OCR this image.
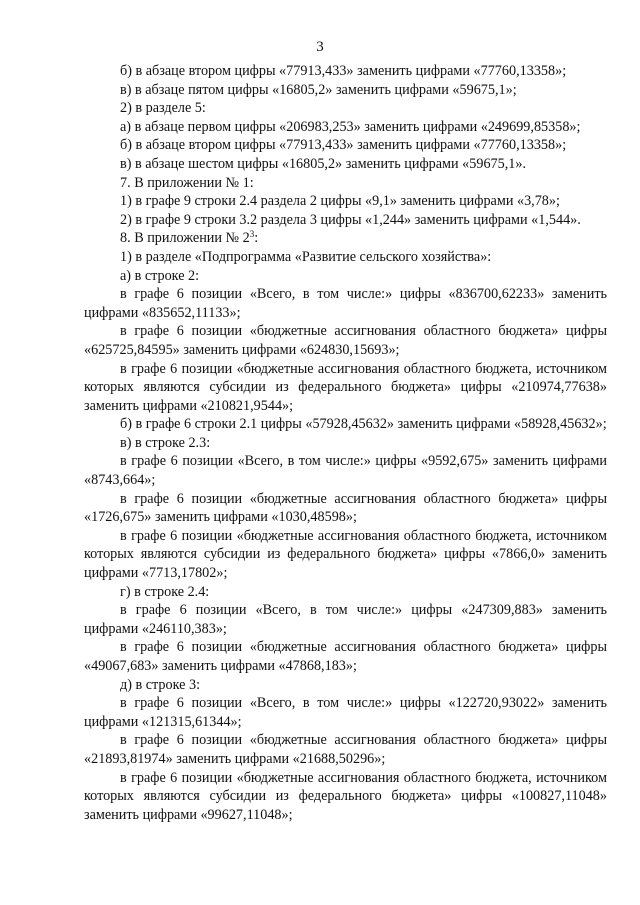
3

б) в абзаце втором цифры «77913,433» заменить цифрами «77760,13358»;

в) в абзаце пятом цифры «16805,2» заменить цифрами «59675,1»;

2) в разделе 5:

а) в абзаце первом цифры «206983,253» заменить цифрами «249699,85358»;

б) в абзаце втором цифры «77913,433» заменить цифрами «77760,13358»;

в) в абзаце шестом цифры «16805,2» заменить цифрами «59675,1».

7. В приложении № 1:

1) в графе 9 строки 2.4 раздела 2 цифры «9,1» заменить цифрами «3,78»;

2) в графе 9 строки 3.2 раздела 3 цифры «1,244» заменить цифрами «1,544».

8. В приложении № $2^3$:

1) в разделе «Подпрограмма «Развитие сельского хозяйства»:

а) в строке 2:

в графе 6 позиции «Всего, в том числе:» цифры «836700,62233» заменить цифрами «835652,11133»;

в графе 6 позиции «бюджетные ассигнования областного бюджета» цифры «625725,84595» заменить цифрами «624830,15693»;

в графе 6 позиции «бюджетные ассигнования областного бюджета, источником которых являются субсидии из федерального бюджета» цифры «210974,77638» заменить цифрами «210821,9544»;

б) в графе 6 строки 2.1 цифры «57928,45632» заменить цифрами «58928,45632»;

в) в строке 2.3:

в графе 6 позиции «Всего, в том числе:» цифры «9592,675» заменить цифрами «8743,664»;

в графе 6 позиции «бюджетные ассигнования областного бюджета» цифры «1726,675» заменить цифрами «1030,48598»;

в графе 6 позиции «бюджетные ассигнования областного бюджета, источником которых являются субсидии из федерального бюджета» цифры «7866,0» заменить цифрами «7713,17802»;

г) в строке 2.4:

в графе 6 позиции «Всего, в том числе:» цифры «247309,883» заменить цифрами «246110,383»;

в графе 6 позиции «бюджетные ассигнования областного бюджета» цифры «49067,683» заменить цифрами «47868,183»;

д) в строке 3:

в графе 6 позиции «Всего, в том числе:» цифры «122720,93022» заменить цифрами «121315,61344»;

в графе 6 позиции «бюджетные ассигнования областного бюджета» цифры «21893,81974» заменить цифрами «21688,50296»;

в графе 6 позиции «бюджетные ассигнования областного бюджета, источником которых являются субсидии из федерального бюджета» цифры «100827,11048» заменить цифрами «99627,11048»;
